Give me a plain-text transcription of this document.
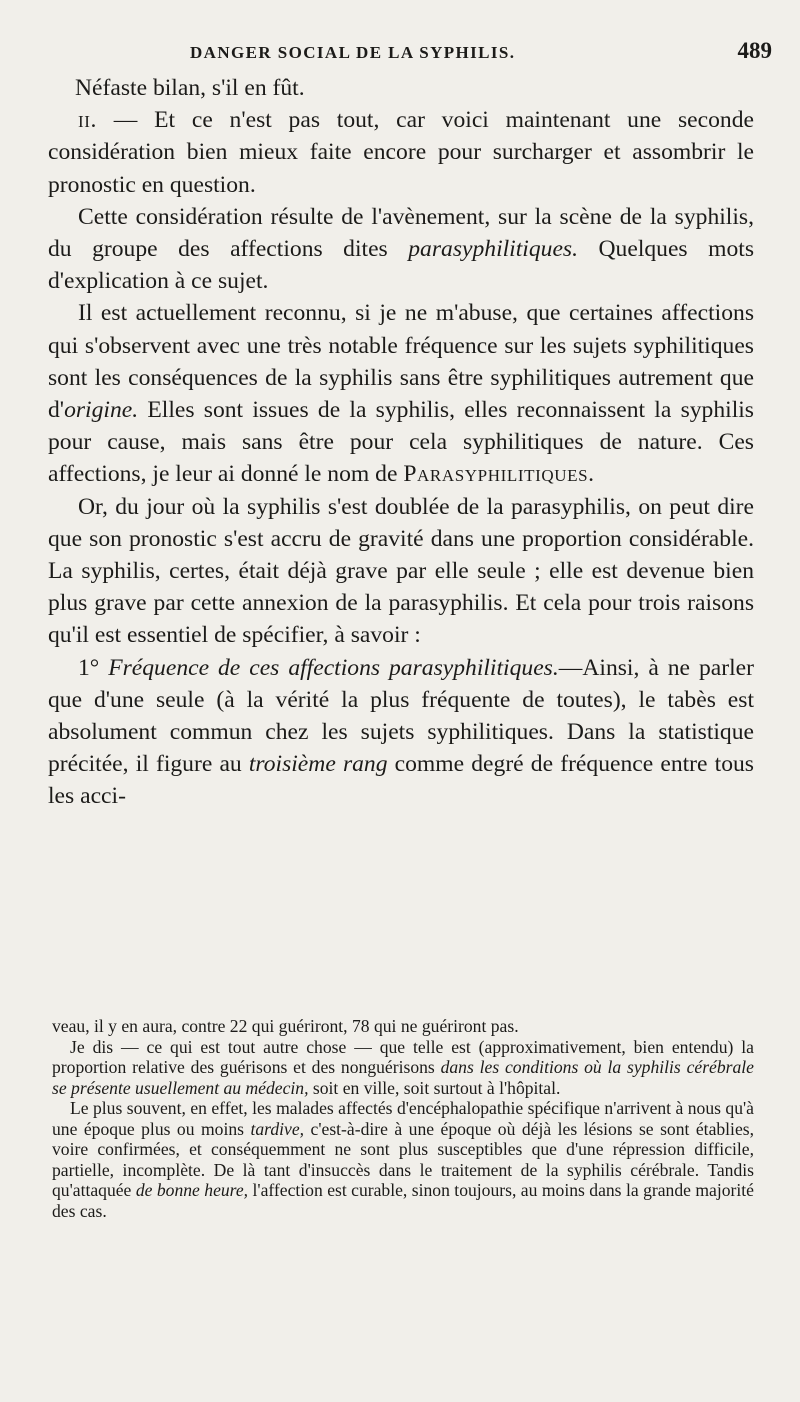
DANGER SOCIAL DE LA SYPHILIS.	489

Néfaste bilan, s'il en fût.

ii. — Et ce n'est pas tout, car voici maintenant une seconde considération bien mieux faite encore pour surcharger et assombrir le pronostic en question.

Cette considération résulte de l'avènement, sur la scène de la syphilis, du groupe des affections dites parasyphilitiques. Quelques mots d'explication à ce sujet.

Il est actuellement reconnu, si je ne m'abuse, que certaines affections qui s'observent avec une très notable fréquence sur les sujets syphilitiques sont les conséquences de la syphilis sans être syphilitiques autrement que d'origine. Elles sont issues de la syphilis, elles reconnaissent la syphilis pour cause, mais sans être pour cela syphilitiques de nature. Ces affections, je leur ai donné le nom de Parasyphilitiques.

Or, du jour où la syphilis s'est doublée de la parasyphilis, on peut dire que son pronostic s'est accru de gravité dans une proportion considérable. La syphilis, certes, était déjà grave par elle seule ; elle est devenue bien plus grave par cette annexion de la parasyphilis. Et cela pour trois raisons qu'il est essentiel de spécifier, à savoir :

1° Fréquence de ces affections parasyphilitiques.—Ainsi, à ne parler que d'une seule (à la vérité la plus fréquente de toutes), le tabès est absolument commun chez les sujets syphilitiques. Dans la statistique précitée, il figure au troisième rang comme degré de fréquence entre tous les acci-

veau, il y en aura, contre 22 qui guériront, 78 qui ne guériront pas.

Je dis — ce qui est tout autre chose — que telle est (approximativement, bien entendu) la proportion relative des guérisons et des nonguérisons dans les conditions où la syphilis cérébrale se présente usuellement au médecin, soit en ville, soit surtout à l'hôpital.

Le plus souvent, en effet, les malades affectés d'encéphalopathie spécifique n'arrivent à nous qu'à une époque plus ou moins tardive, c'est-à-dire à une époque où déjà les lésions se sont établies, voire confirmées, et conséquemment ne sont plus susceptibles que d'une répression difficile, partielle, incomplète. De là tant d'insuccès dans le traitement de la syphilis cérébrale. Tandis qu'attaquée de bonne heure, l'affection est curable, sinon toujours, au moins dans la grande majorité des cas.
